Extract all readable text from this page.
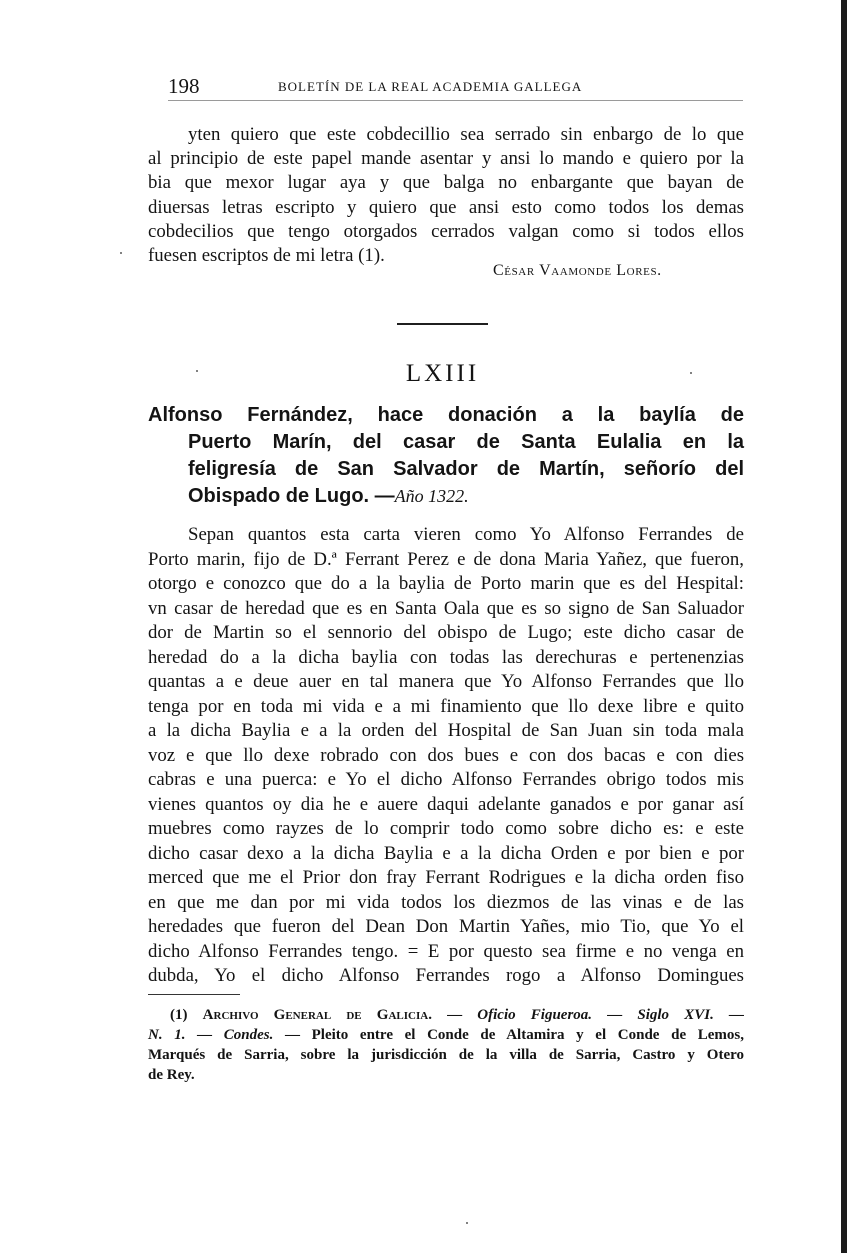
198	BOLETÍN DE LA REAL ACADEMIA GALLEGA
yten quiero que este cobdecillio sea serrado sin enbargo de lo que
al principio de este papel mande asentar y ansi lo mando e quiero por la
bia que mexor lugar aya y que balga no enbargante que bayan de
diuersas letras escripto y quiero que ansi esto como todos los demas
cobdecilios que tengo otorgados cerrados valgan como si todos ellos
fuesen escriptos de mi letra (1).
César Vaamonde Lores.
LXIII
Alfonso Fernández, hace donación a la baylía de
Puerto Marín, del casar de Santa Eulalia en la
feligresía de San Salvador de Martín, señorío del
Obispado de Lugo. —Año 1322.
Sepan quantos esta carta vieren como Yo Alfonso Ferrandes de
Porto marin, fijo de D.ª Ferrant Perez e de dona Maria Yañez, que fueron,
otorgo e conozco que do a la baylia de Porto marin que es del Hespital:
vn casar de heredad que es en Santa Oala que es so signo de San Saluador
dor de Martin so el sennorio del obispo de Lugo; este dicho casar de
heredad do a la dicha baylia con todas las derechuras e pertenenzias
quantas a e deue auer en tal manera que Yo Alfonso Ferrandes que llo
tenga por en toda mi vida e a mi finamiento que llo dexe libre e quito
a la dicha Baylia e a la orden del Hospital de San Juan sin toda mala
voz e que llo dexe robrado con dos bues e con dos bacas e con dies
cabras e una puerca: e Yo el dicho Alfonso Ferrandes obrigo todos mis
vienes quantos oy dia he e auere daqui adelante ganados e por ganar así
muebres como rayzes de lo comprir todo como sobre dicho es: e este
dicho casar dexo a la dicha Baylia e a la dicha Orden e por bien e por
merced que me el Prior don fray Ferrant Rodrigues e la dicha orden fiso
en que me dan por mi vida todos los diezmos de las vinas e de las
heredades que fueron del Dean Don Martin Yañes, mio Tio, que Yo el
dicho Alfonso Ferrandes tengo. = E por questo sea firme e no venga en
dubda, Yo el dicho Alfonso Ferrandes rogo a Alfonso Domingues
(1) Archivo General de Galicia. — Oficio Figueroa. — Siglo XVI. —
N. 1. — Condes. — Pleito entre el Conde de Altamira y el Conde de Lemos,
Marqués de Sarria, sobre la jurisdicción de la villa de Sarria, Castro y Otero
de Rey.
